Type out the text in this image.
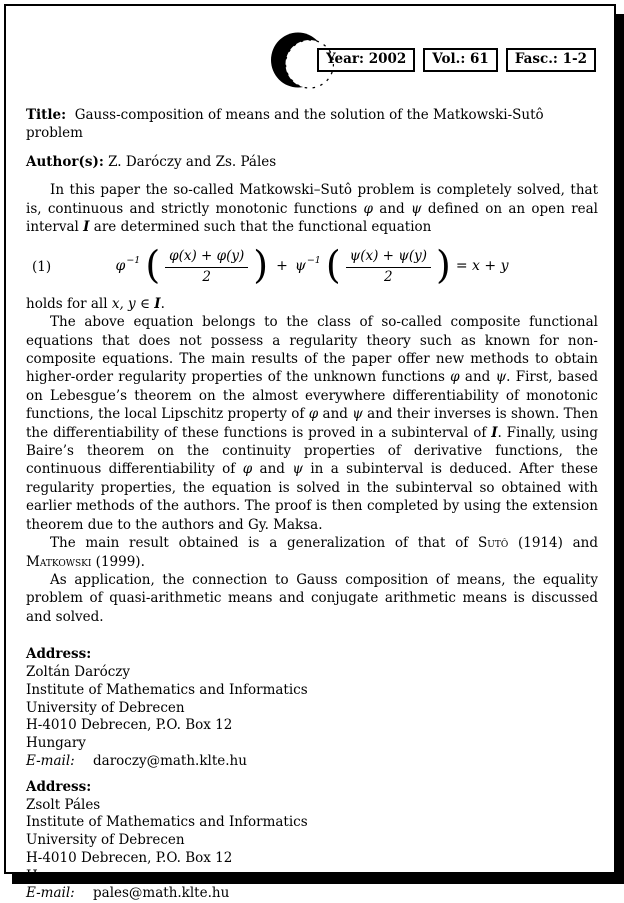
Year: 2002	Vol.: 61	Fasc.: 1-2

Title:  Gauss-composition of means and the solution of the Matkowski-Sutô problem

Author(s): Z. Daróczy and Zs. Páles

In this paper the so-called Matkowski–Sutô problem is completely solved, that is, continuous and strictly monotonic functions φ and ψ defined on an open real interval I are determined such that the functional equation

(1)	$\varphi^{-1}$ ( $\frac{\varphi(x) + \varphi(y)}{2}$ ) + $\psi^{-1}$ ( $\frac{\psi(x) + \psi(y)}{2}$ ) = x + y

holds for all x, y ∈ I.

The above equation belongs to the class of so-called composite functional equations that does not possess a regularity theory such as known for non-composite equations. The main results of the paper offer new methods to obtain higher-order regularity properties of the unknown functions φ and ψ. First, based on Lebesgue’s theorem on the almost everywhere differentiability of monotonic functions, the local Lipschitz property of φ and ψ and their inverses is shown. Then the differentiability of these functions is proved in a subinterval of I. Finally, using Baire’s theorem on the continuity properties of derivative functions, the continuous differentiability of φ and ψ in a subinterval is deduced. After these regularity properties, the equation is solved in the subinterval so obtained with earlier methods of the authors. The proof is then completed by using the extension theorem due to the authors and Gy. Maksa.

The main result obtained is a generalization of that of Sutô (1914) and Matkowski (1999).

As application, the connection to Gauss composition of means, the equality problem of quasi-arithmetic means and conjugate arithmetic means is discussed and solved.

Address:

Zoltán Daróczy

Institute of Mathematics and Informatics

University of Debrecen

H-4010 Debrecen, P.O. Box 12

Hungary

E-mail: daroczy@math.klte.hu

Address:

Zsolt Páles

Institute of Mathematics and Informatics

University of Debrecen

H-4010 Debrecen, P.O. Box 12

Hungary

E-mail: pales@math.klte.hu
